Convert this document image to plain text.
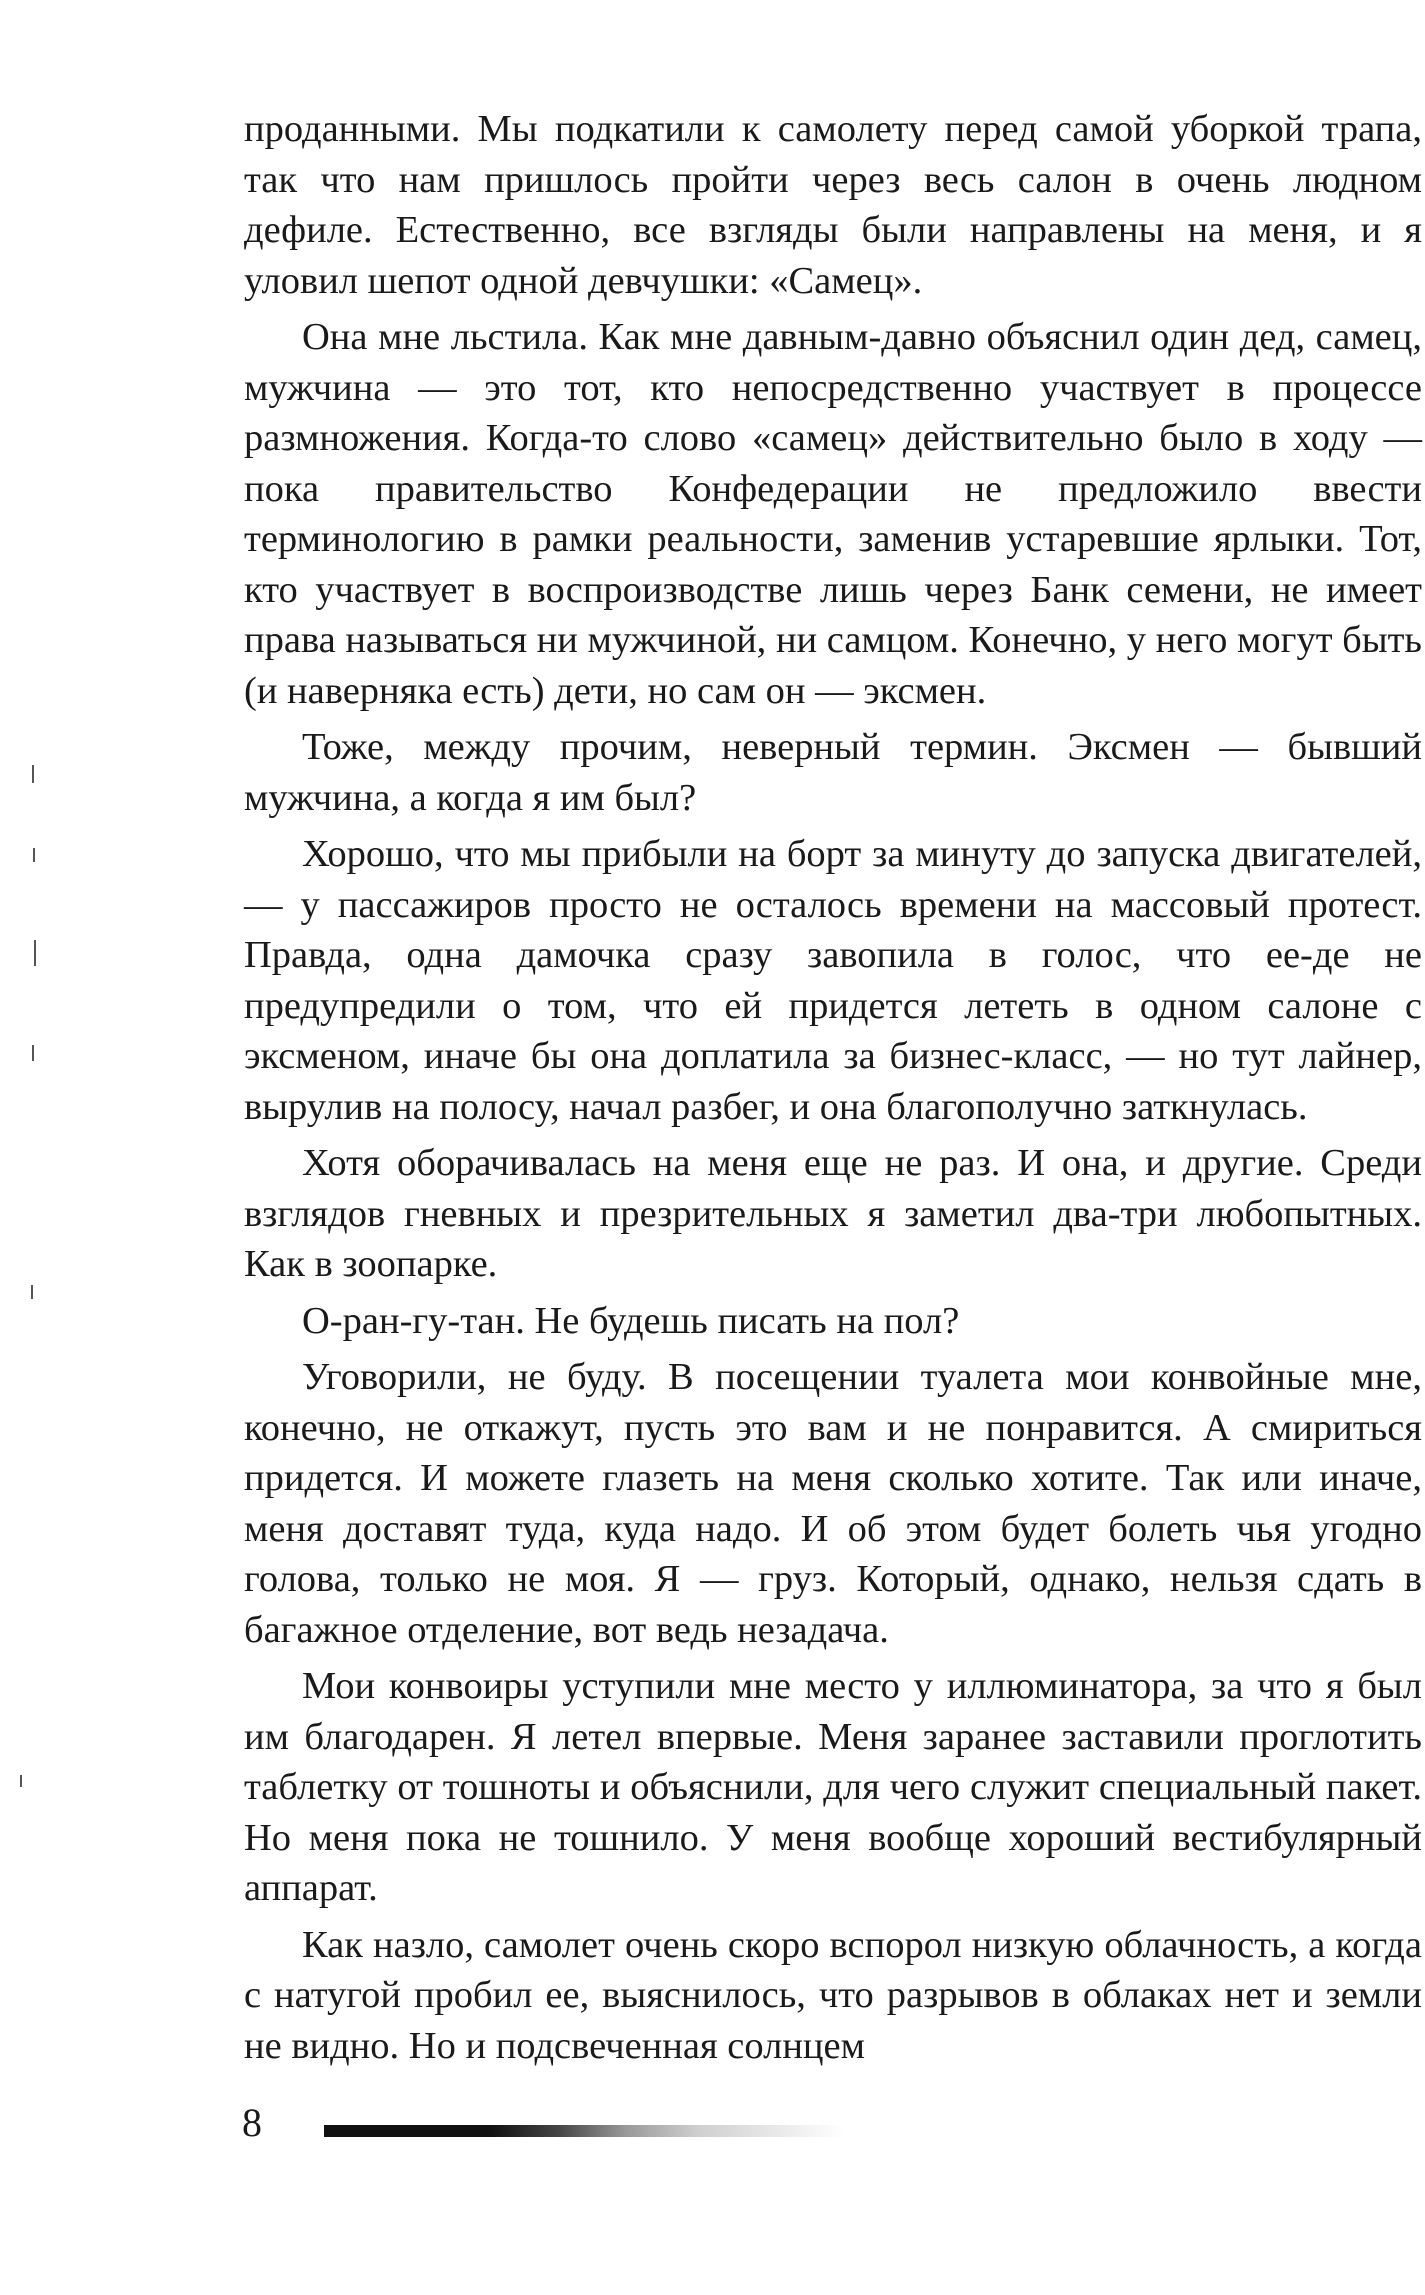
проданными. Мы подкатили к самолету перед самой уборкой трапа, так что нам пришлось пройти через весь салон в очень людном дефиле. Естественно, все взгляды были направлены на меня, и я уловил шепот одной девчушки: «Самец».

Она мне льстила. Как мне давным-давно объяснил один дед, самец, мужчина — это тот, кто непосредственно участвует в процессе размножения. Когда-то слово «самец» действительно было в ходу — пока правительство Конфедерации не предложило ввести терминологию в рамки реальности, заменив устаревшие ярлыки. Тот, кто участвует в воспроизводстве лишь через Банк семени, не имеет права называться ни мужчиной, ни самцом. Конечно, у него могут быть (и наверняка есть) дети, но сам он — эксмен.

Тоже, между прочим, неверный термин. Эксмен — бывший мужчина, а когда я им был?

Хорошо, что мы прибыли на борт за минуту до запуска двигателей, — у пассажиров просто не осталось времени на массовый протест. Правда, одна дамочка сразу завопила в голос, что ее-де не предупредили о том, что ей придется лететь в одном салоне с эксменом, иначе бы она доплатила за бизнес-класс, — но тут лайнер, вырулив на полосу, начал разбег, и она благополучно заткнулась.

Хотя оборачивалась на меня еще не раз. И она, и другие. Среди взглядов гневных и презрительных я заметил два-три любопытных. Как в зоопарке.

О-ран-гу-тан. Не будешь писать на пол?

Уговорили, не буду. В посещении туалета мои конвойные мне, конечно, не откажут, пусть это вам и не понравится. А смириться придется. И можете глазеть на меня сколько хотите. Так или иначе, меня доставят туда, куда надо. И об этом будет болеть чья угодно голова, только не моя. Я — груз. Который, однако, нельзя сдать в багажное отделение, вот ведь незадача.

Мои конвоиры уступили мне место у иллюминатора, за что я был им благодарен. Я летел впервые. Меня заранее заставили проглотить таблетку от тошноты и объяснили, для чего служит специальный пакет. Но меня пока не тошнило. У меня вообще хороший вестибулярный аппарат.

Как назло, самолет очень скоро вспорол низкую облачность, а когда с натугой пробил ее, выяснилось, что разрывов в облаках нет и земли не видно. Но и подсвеченная солнцем

8
